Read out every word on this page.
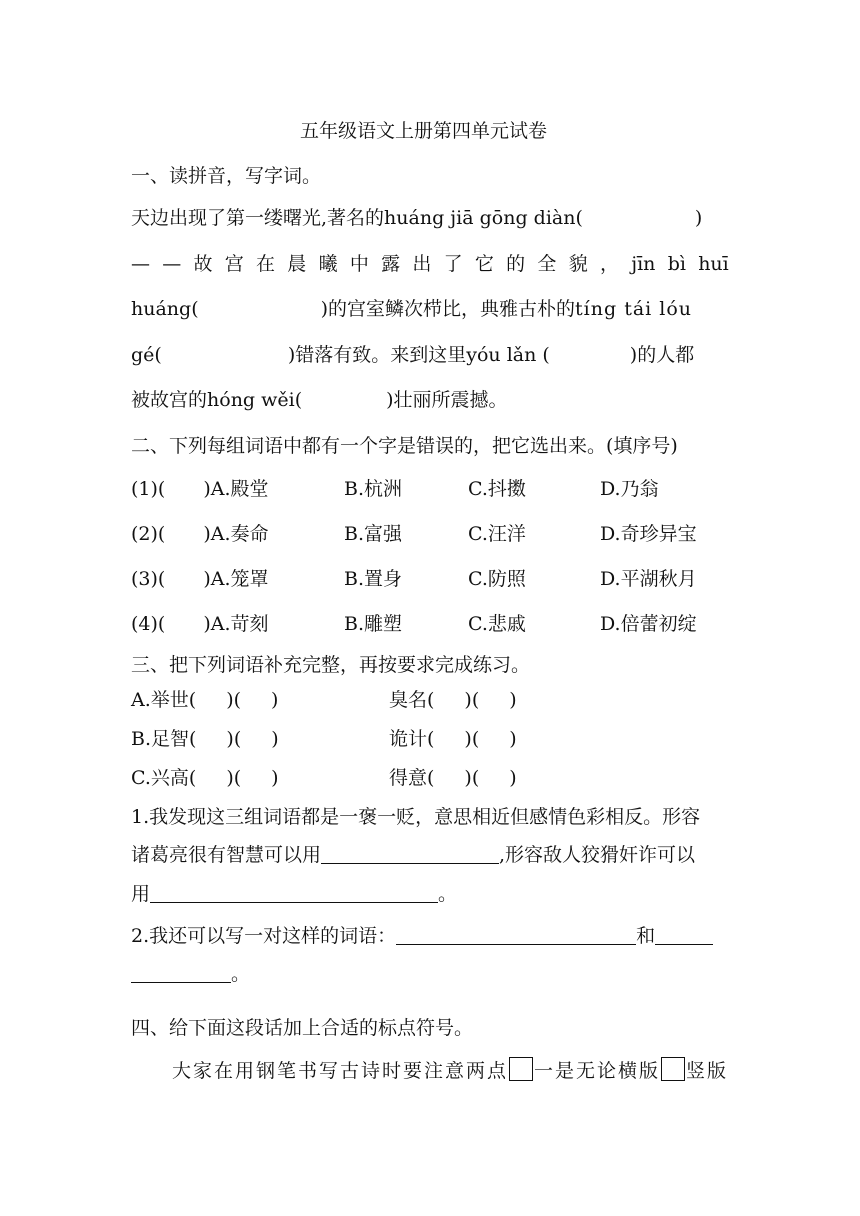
五年级语文上册第四单元试卷
一、读拼音，写字词。
天边出现了第一缕曙光,著名的huáng jiā gōng diàn(	)
— — 故 宫 在 晨 曦 中 露 出 了 它 的 全 貌 ， jīn bì huī
huáng(	)的宫室鳞次栉比，典雅古朴的tíng tái lóu
gé(	)错落有致。来到这里yóu lǎn (	)的人都
被故宫的hóng wěi(	)壮丽所震撼。
二、下列每组词语中都有一个字是错误的，把它选出来。(填序号)
(1)( )A.殿堂	B.杭洲	C.抖擞	D.乃翁
(2)( )A.奏命	B.富强	C.汪洋	D.奇珍异宝
(3)( )A.笼罩	B.置身	C.防照	D.平湖秋月
(4)( )A.苛刻	B.雕塑	C.悲戚	D.倍蕾初绽
三、把下列词语补充完整，再按要求完成练习。
A.举世( )( )	臭名( )( )
B.足智( )( )	诡计( )( )
C.兴高( )( )	得意( )( )
1.我发现这三组词语都是一褒一贬，意思相近但感情色彩相反。形容
诸葛亮很有智慧可以用	,形容敌人狡猾奸诈可以
用	。
2.我还可以写一对这样的词语：	和
。
四、给下面这段话加上合适的标点符号。
大家在用钢笔书写古诗时要注意两点 一是无论横版 竖版
